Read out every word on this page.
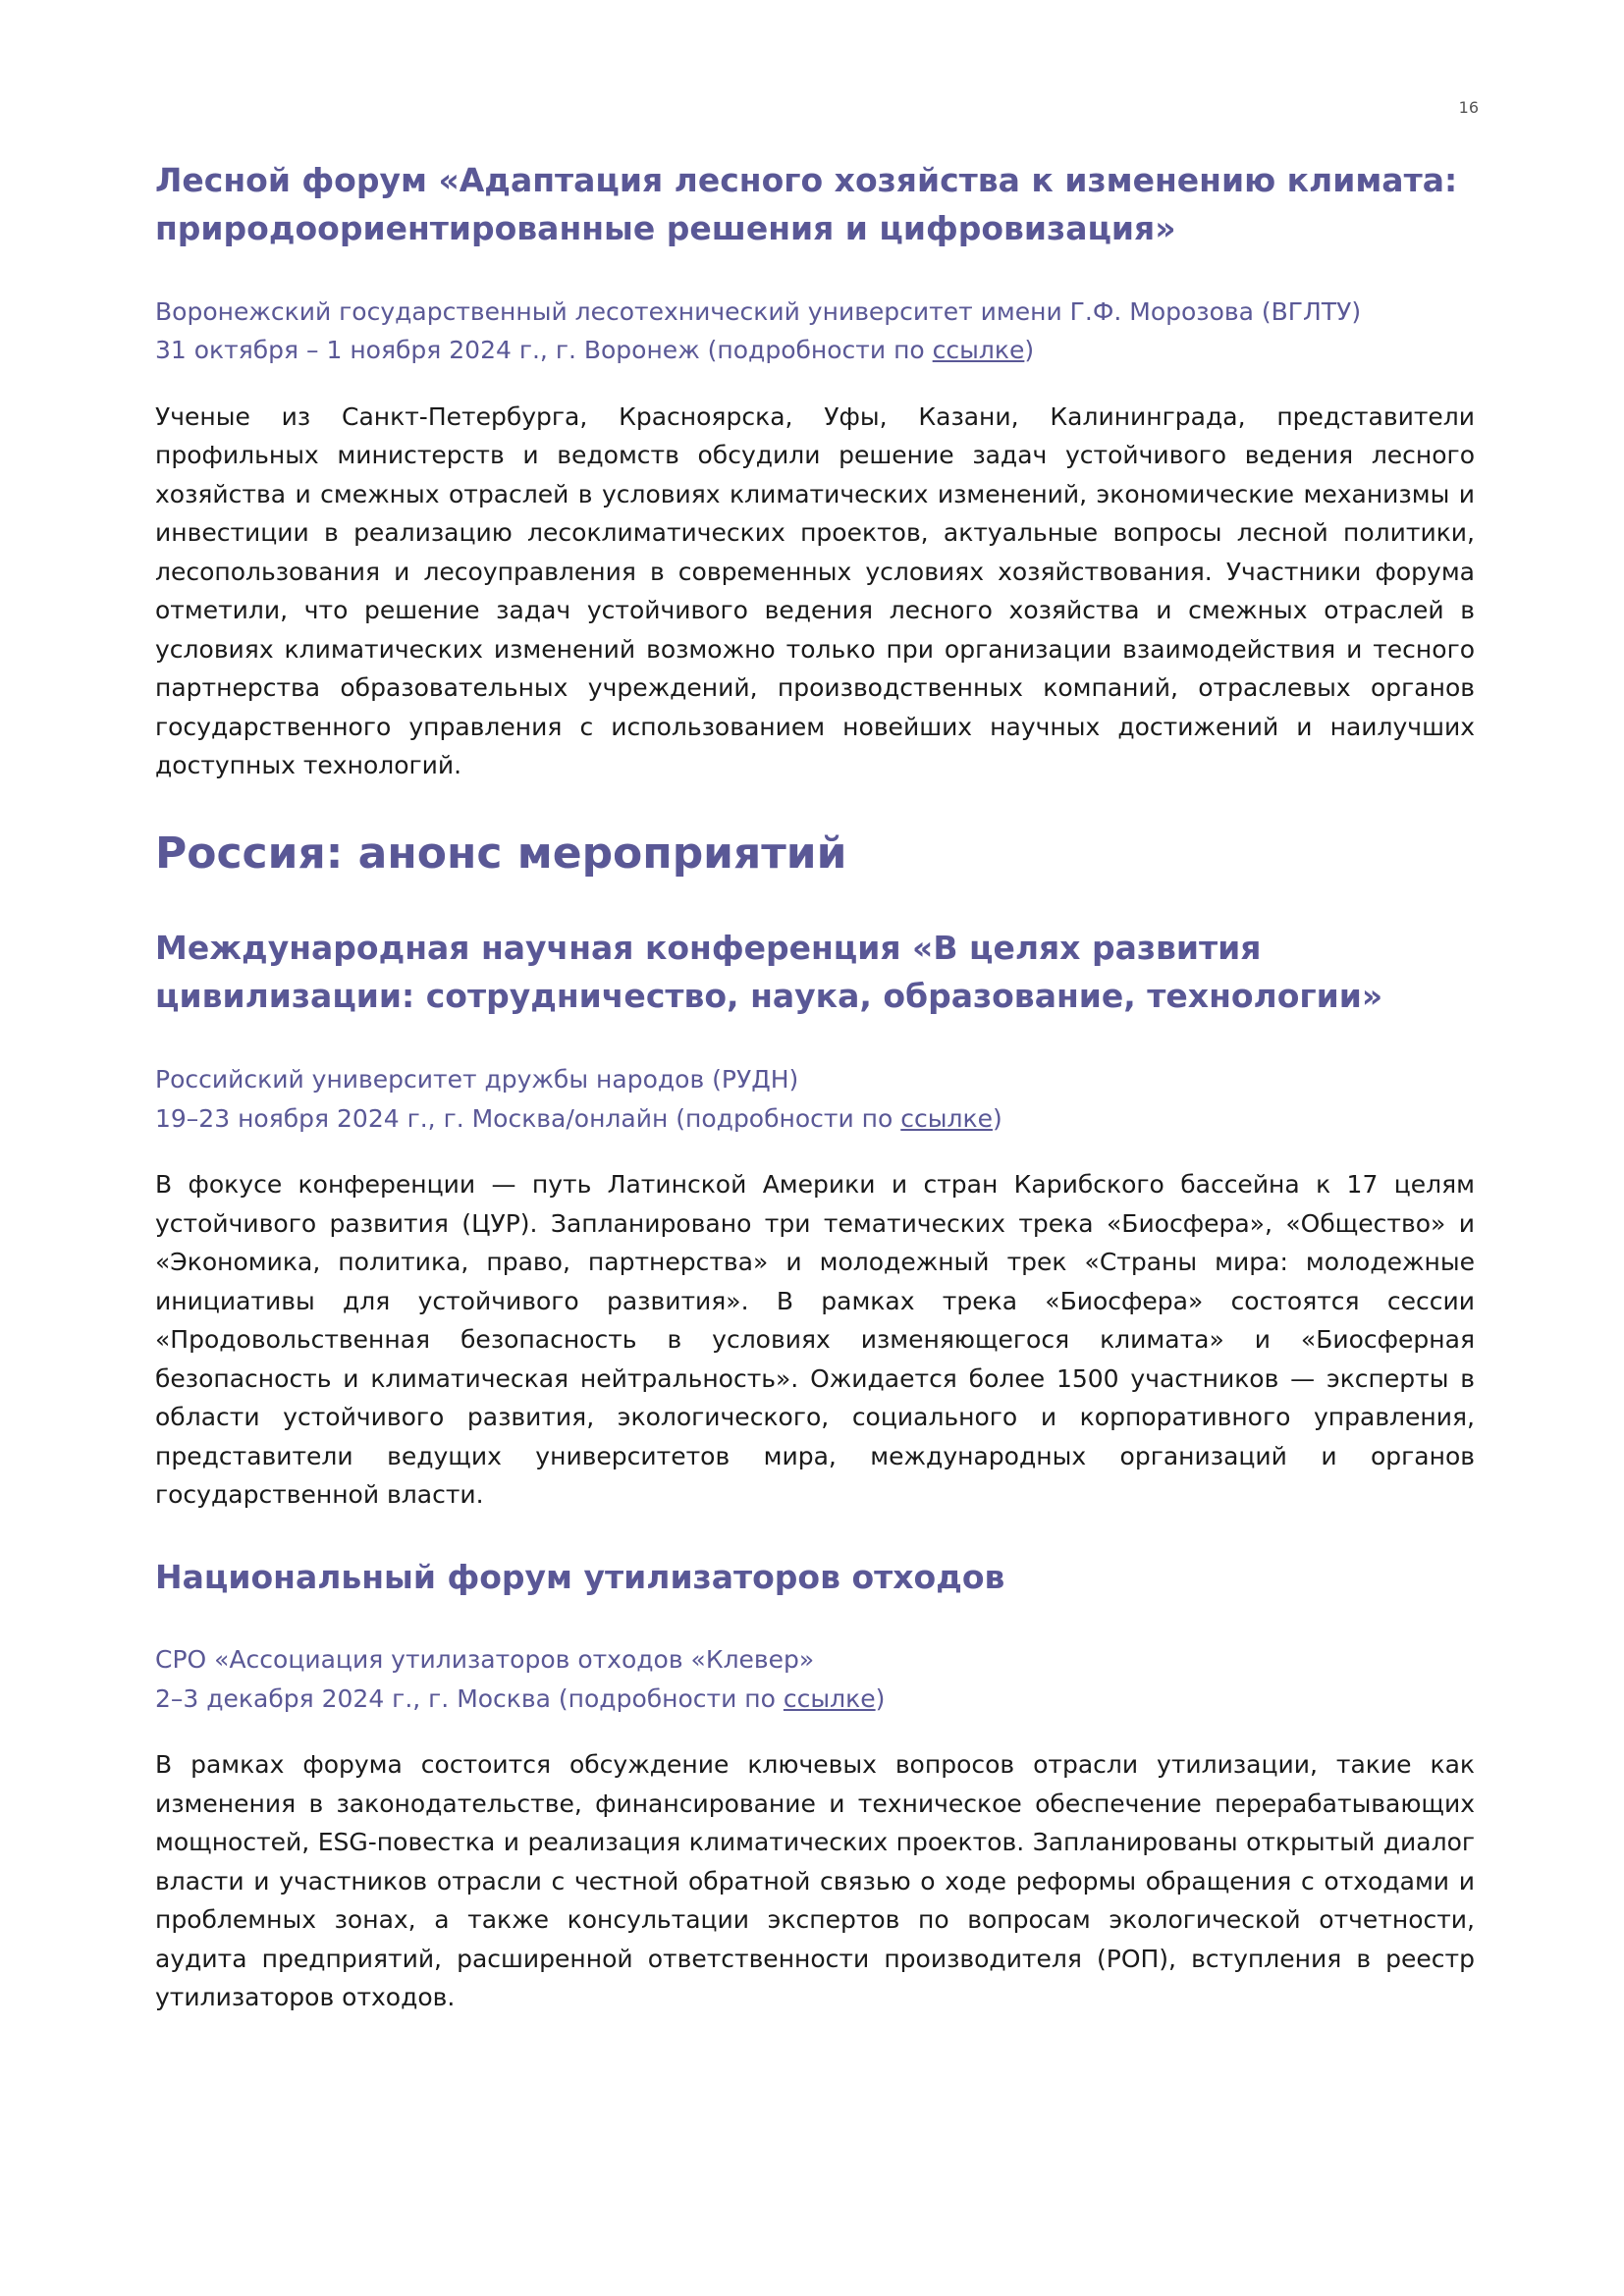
16
Лесной форум «Адаптация лесного хозяйства к изменению климата: природоориентированные решения и цифровизация»
Воронежский государственный лесотехнический университет имени Г.Ф. Морозова (ВГЛТУ)
31 октября – 1 ноября 2024 г., г. Воронеж (подробности по ссылке)

Ученые из Санкт-Петербурга, Красноярска, Уфы, Казани, Калининграда, представители профильных министерств и ведомств обсудили решение задач устойчивого ведения лесного хозяйства и смежных отраслей в условиях климатических изменений, экономические механизмы и инвестиции в реализацию лесоклиматических проектов, актуальные вопросы лесной политики, лесопользования и лесоуправления в современных условиях хозяйствования. Участники форума отметили, что решение задач устойчивого ведения лесного хозяйства и смежных отраслей в условиях климатических изменений возможно только при организации взаимодействия и тесного партнерства образовательных учреждений, производственных компаний, отраслевых органов государственного управления с использованием новейших научных достижений и наилучших доступных технологий.

Россия: анонс мероприятий
Международная научная конференция «В целях развития цивилизации: сотрудничество, наука, образование, технологии»
Российский университет дружбы народов (РУДН)
19–23 ноября 2024 г., г. Москва/онлайн (подробности по ссылке)

В фокусе конференции — путь Латинской Америки и стран Карибского бассейна к 17 целям устойчивого развития (ЦУР). Запланировано три тематических трека «Биосфера», «Общество» и «Экономика, политика, право, партнерства» и молодежный трек «Страны мира: молодежные инициативы для устойчивого развития». В рамках трека «Биосфера» состоятся сессии «Продовольственная безопасность в условиях изменяющегося климата» и «Биосферная безопасность и климатическая нейтральность». Ожидается более 1500 участников — эксперты в области устойчивого развития, экологического, социального и корпоративного управления, представители ведущих университетов мира, международных организаций и органов государственной власти.

Национальный форум утилизаторов отходов
СРО «Ассоциация утилизаторов отходов «Клевер»
2–3 декабря 2024 г., г. Москва (подробности по ссылке)

В рамках форума состоится обсуждение ключевых вопросов отрасли утилизации, такие как изменения в законодательстве, финансирование и техническое обеспечение перерабатывающих мощностей, ESG-повестка и реализация климатических проектов. Запланированы открытый диалог власти и участников отрасли с честной обратной связью о ходе реформы обращения с отходами и проблемных зонах, а также консультации экспертов по вопросам экологической отчетности, аудита предприятий, расширенной ответственности производителя (РОП), вступления в реестр утилизаторов отходов.
